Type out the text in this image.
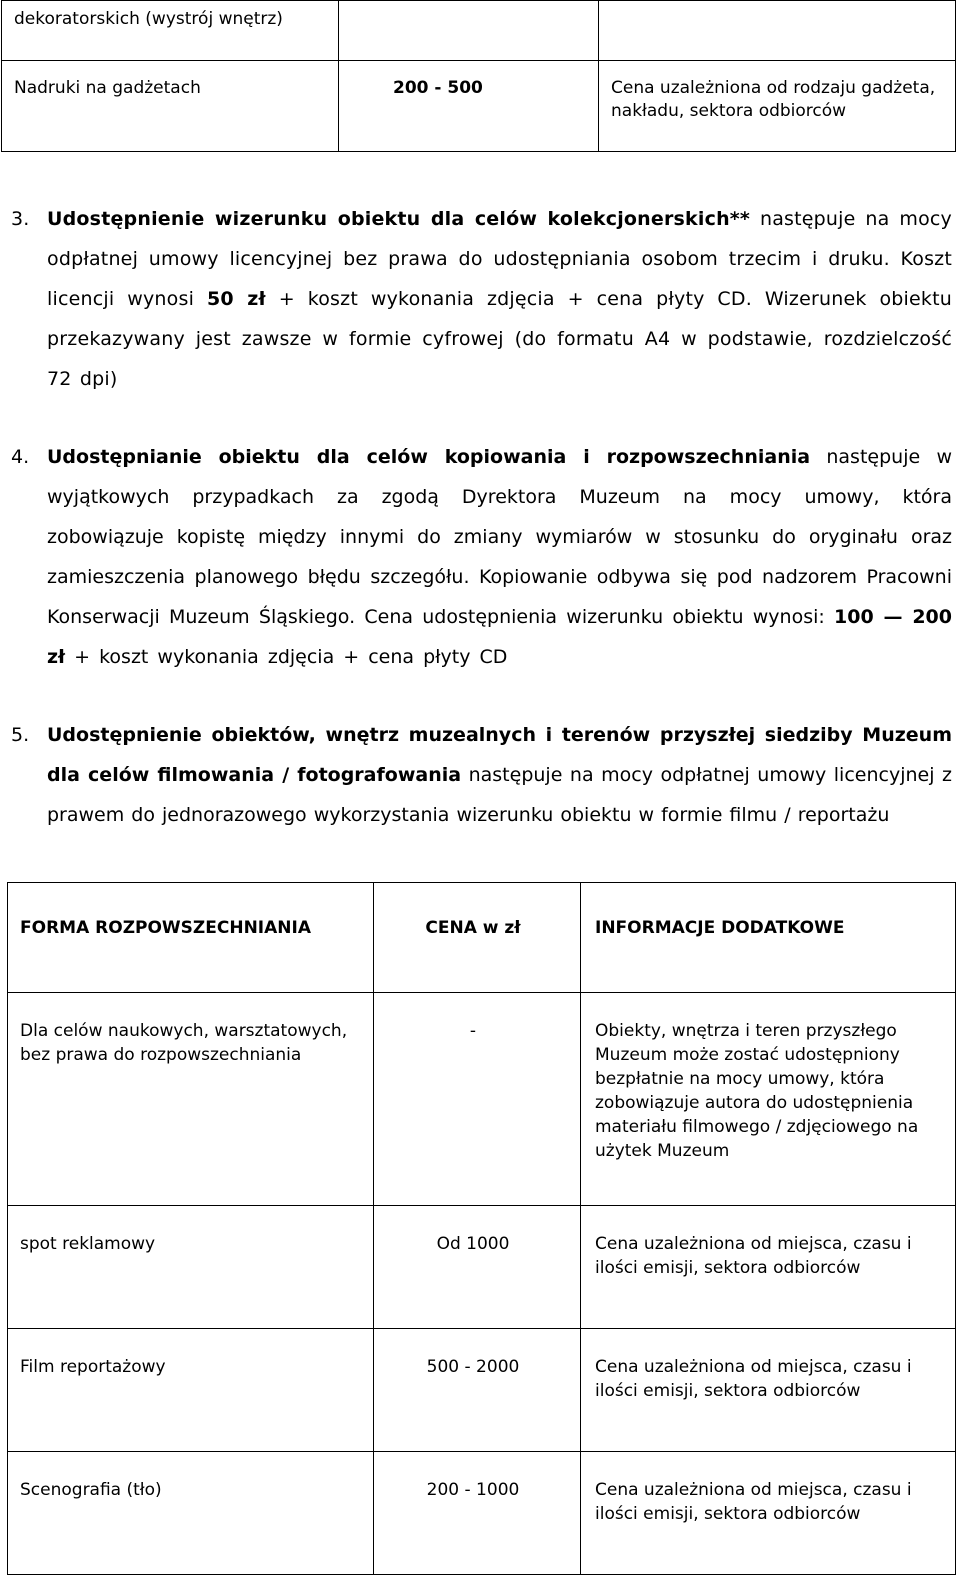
dekoratorskich (wystrój wnętrz)		
Nadruki na gadżetach	200 - 500	Cena uzależniona od rodzaju gadżeta, nakładu, sektora odbiorców
3. Udostępnienie wizerunku obiektu dla celów kolekcjonerskich** następuje na mocy odpłatnej umowy licencyjnej bez prawa do udostępniania osobom trzecim i druku. Koszt licencji wynosi 50 zł + koszt wykonania zdjęcia + cena płyty CD. Wizerunek obiektu przekazywany jest zawsze w formie cyfrowej (do formatu A4 w podstawie, rozdzielczość 72 dpi)
4. Udostępnianie obiektu dla celów kopiowania i rozpowszechniania następuje w wyjątkowych przypadkach za zgodą Dyrektora Muzeum na mocy umowy, która zobowiązuje kopistę między innymi do zmiany wymiarów w stosunku do oryginału oraz zamieszczenia planowego błędu szczegółu. Kopiowanie odbywa się pod nadzorem Pracowni Konserwacji Muzeum Śląskiego. Cena udostępnienia wizerunku obiektu wynosi: 100 — 200 zł + koszt wykonania zdjęcia + cena płyty CD
5. Udostępnienie obiektów, wnętrz muzealnych i terenów przyszłej siedziby Muzeum dla celów filmowania / fotografowania następuje na mocy odpłatnej umowy licencyjnej z prawem do jednorazowego wykorzystania wizerunku obiektu w formie filmu / reportażu
FORMA ROZPOWSZECHNIANIA	CENA w zł	INFORMACJE DODATKOWE
Dla celów naukowych, warsztatowych, bez prawa do rozpowszechniania	-	Obiekty, wnętrza i teren przyszłego Muzeum może zostać udostępniony bezpłatnie na mocy umowy, która zobowiązuje autora do udostępnienia materiału filmowego / zdjęciowego na użytek Muzeum
spot reklamowy	Od 1000	Cena uzależniona od miejsca, czasu i ilości emisji, sektora odbiorców
Film reportażowy	500 - 2000	Cena uzależniona od miejsca, czasu i ilości emisji, sektora odbiorców
Scenografia (tło)	200 - 1000	Cena uzależniona od miejsca, czasu i ilości emisji, sektora odbiorców
